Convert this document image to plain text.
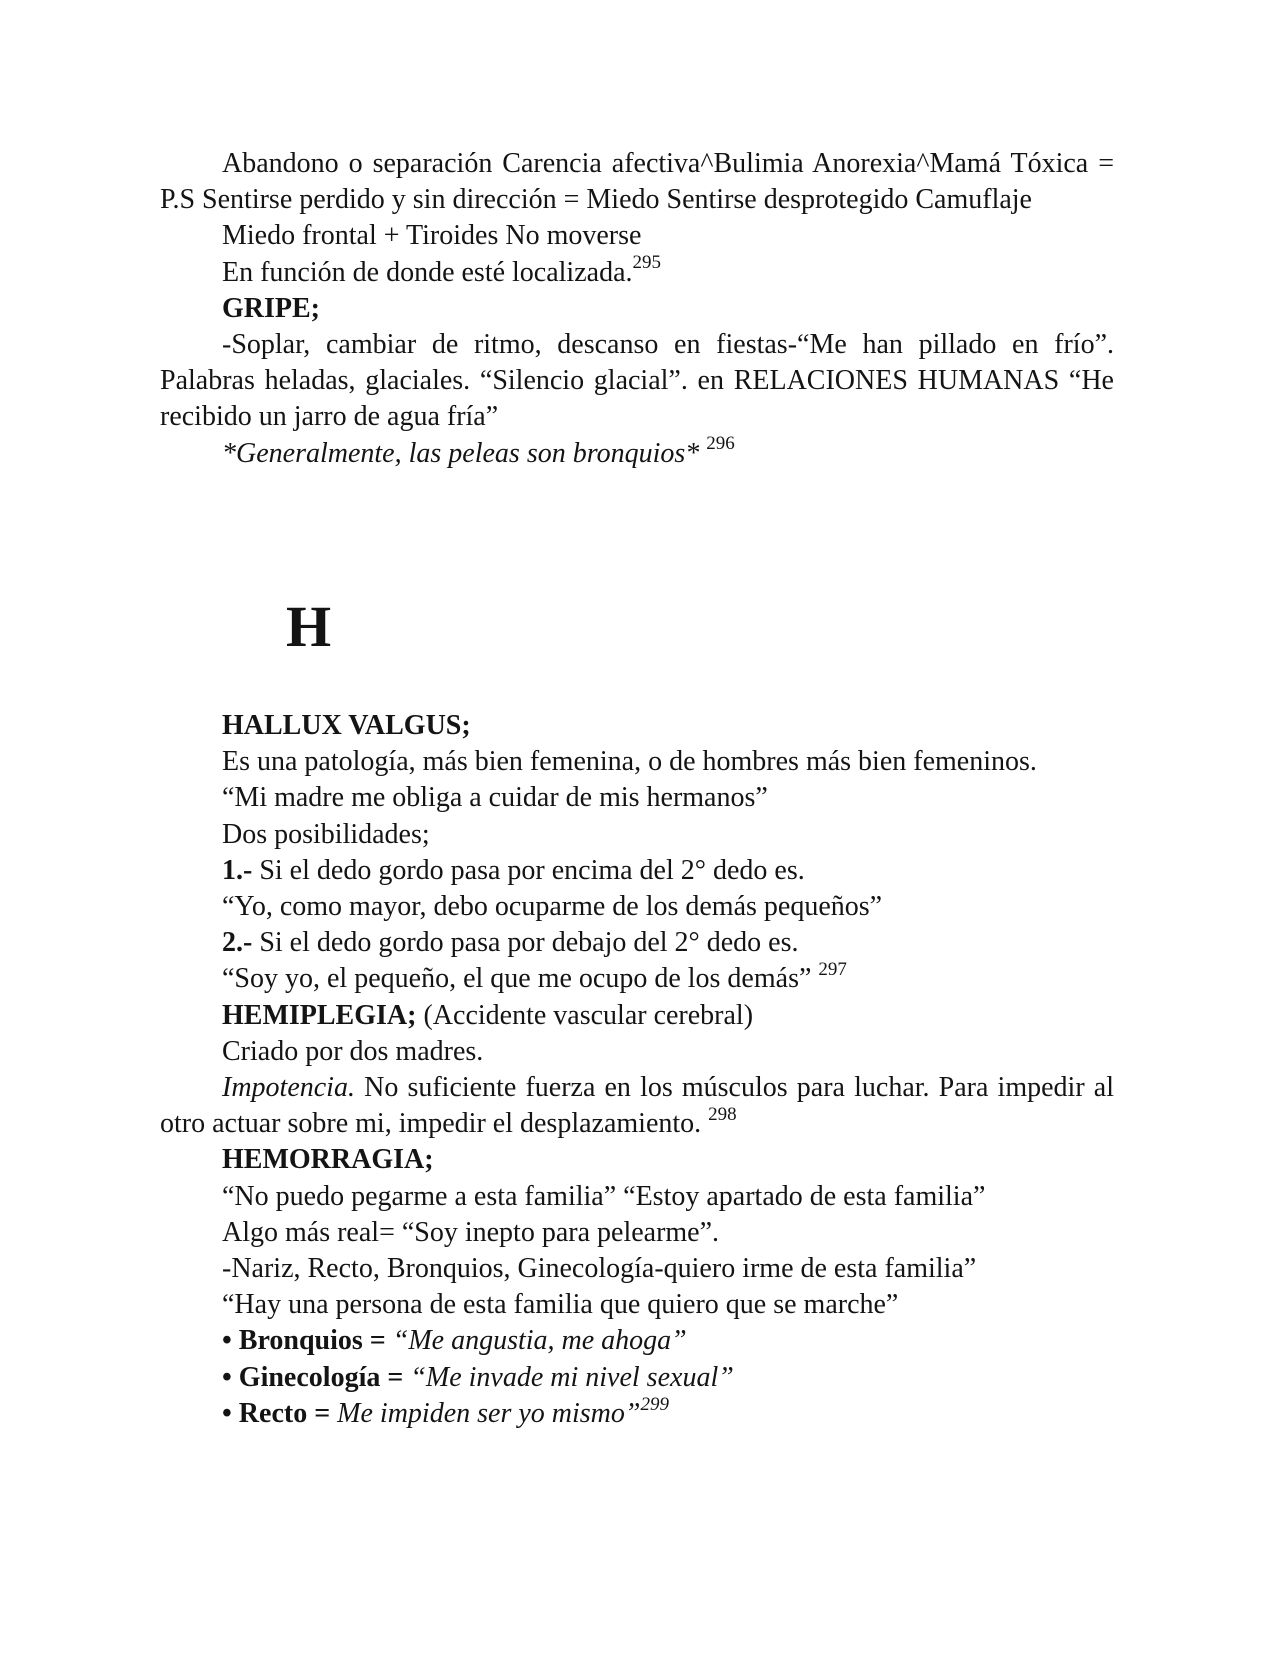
Abandono o separación Carencia afectiva^Bulimia Anorexia^Mamá Tóxica = P.S Sentirse perdido y sin dirección = Miedo Sentirse desprotegido Camuflaje

Miedo frontal + Tiroides No moverse

En función de donde esté localizada.$^{295}$

GRIPE;

-Soplar, cambiar de ritmo, descanso en fiestas-“Me han pillado en frío”. Palabras heladas, glaciales. “Silencio glacial”. en RELACIONES HUMANAS “He recibido un jarro de agua fría”

*Generalmente, las peleas son bronquios* $^{296}$

H

HALLUX VALGUS;

Es una patología, más bien femenina, o de hombres más bien femeninos.

“Mi madre me obliga a cuidar de mis hermanos”

Dos posibilidades;

1.- Si el dedo gordo pasa por encima del 2° dedo es.

“Yo, como mayor, debo ocuparme de los demás pequeños”

2.- Si el dedo gordo pasa por debajo del 2° dedo es.

“Soy yo, el pequeño, el que me ocupo de los demás” $^{297}$

HEMIPLEGIA; (Accidente vascular cerebral)

Criado por dos madres.

Impotencia. No suficiente fuerza en los músculos para luchar. Para impedir al otro actuar sobre mi, impedir el desplazamiento. $^{298}$

HEMORRAGIA;

“No puedo pegarme a esta familia” “Estoy apartado de esta familia”

Algo más real= “Soy inepto para pelearme”.

-Nariz, Recto, Bronquios, Ginecología-quiero irme de esta familia”

“Hay una persona de esta familia que quiero que se marche”

• Bronquios = “Me angustia, me ahoga”

• Ginecología = “Me invade mi nivel sexual”

• Recto = Me impiden ser yo mismo”$^{299}$
